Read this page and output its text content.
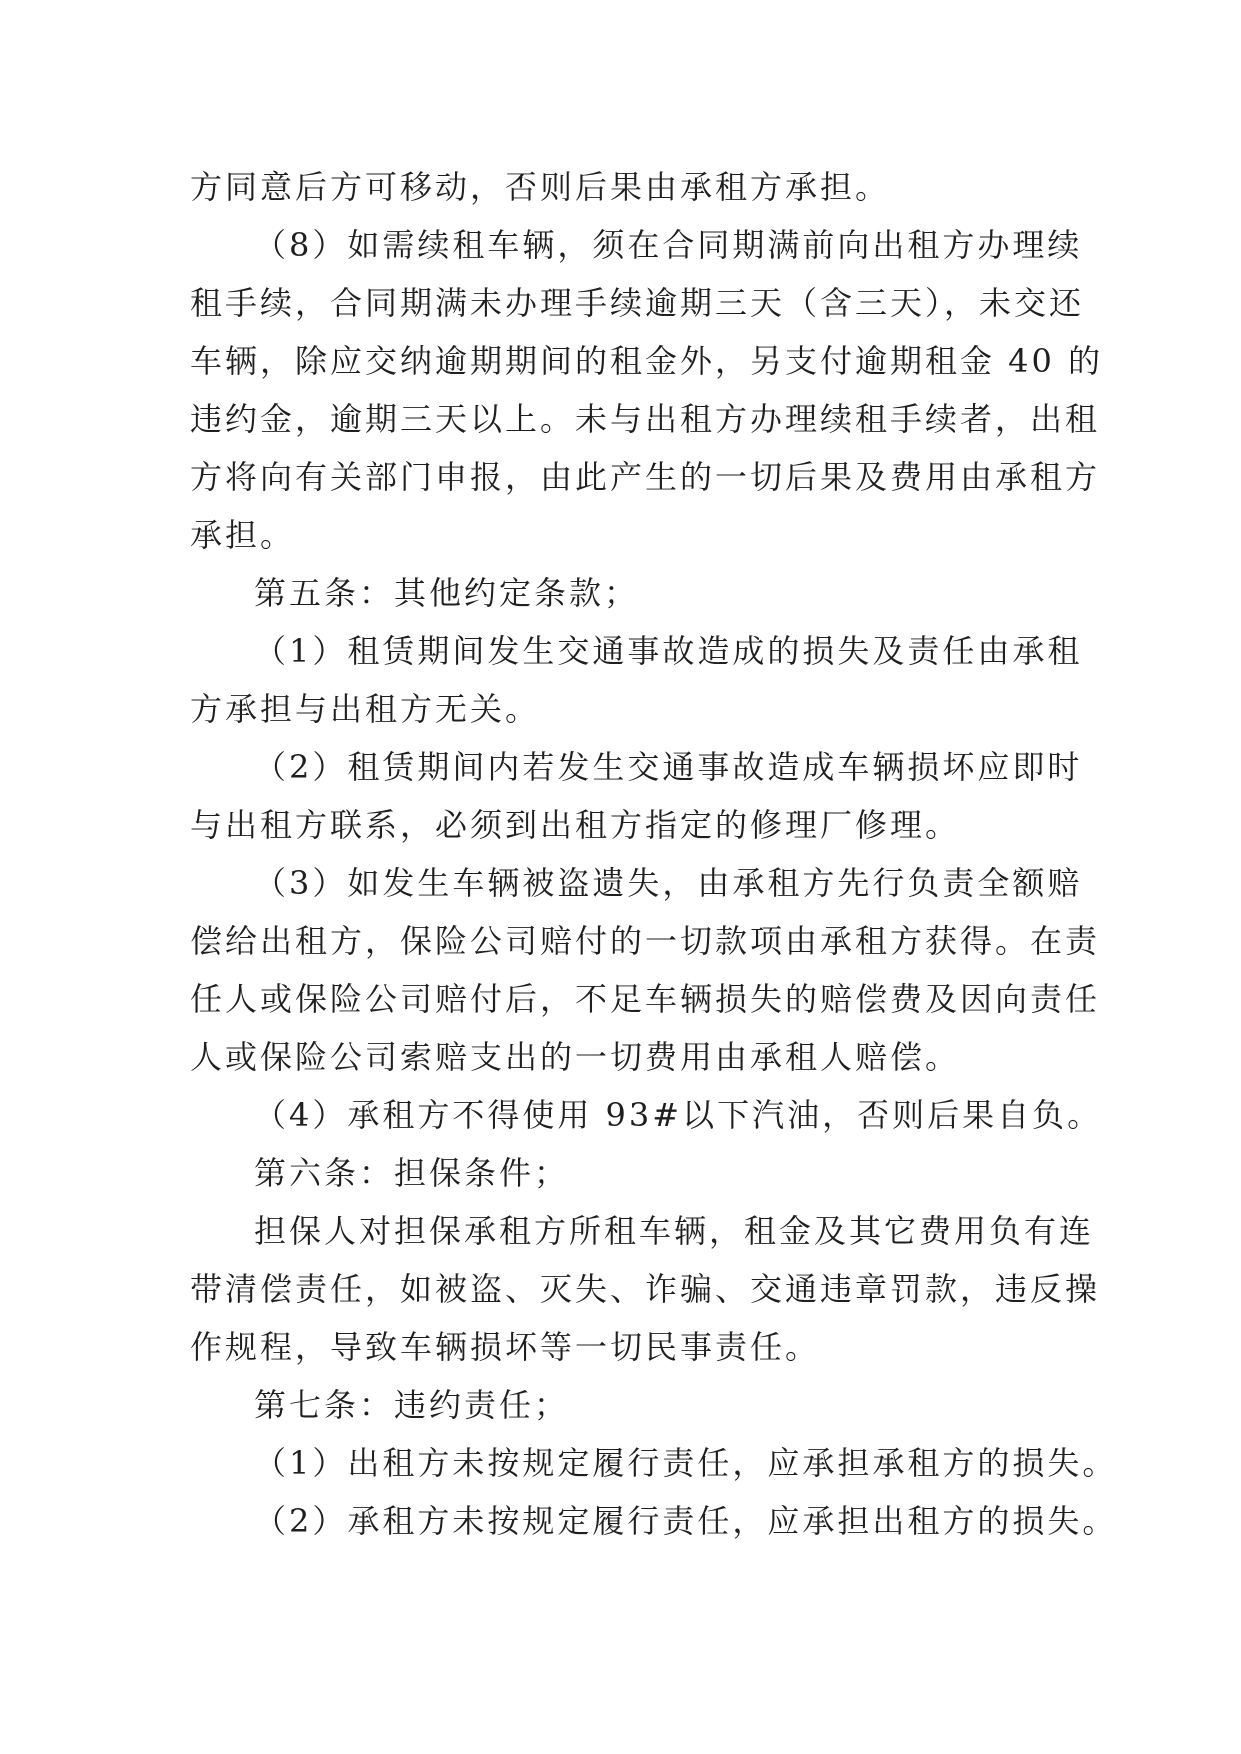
方同意后方可移动，否则后果由承租方承担。
（8）如需续租车辆，须在合同期满前向出租方办理续
租手续，合同期满未办理手续逾期三天（含三天），未交还
车辆，除应交纳逾期期间的租金外，另支付逾期租金 40 的
违约金，逾期三天以上。未与出租方办理续租手续者，出租
方将向有关部门申报，由此产生的一切后果及费用由承租方
承担。
第五条：其他约定条款；
（1）租赁期间发生交通事故造成的损失及责任由承租
方承担与出租方无关。
（2）租赁期间内若发生交通事故造成车辆损坏应即时
与出租方联系，必须到出租方指定的修理厂修理。
（3）如发生车辆被盗遗失，由承租方先行负责全额赔
偿给出租方，保险公司赔付的一切款项由承租方获得。在责
任人或保险公司赔付后，不足车辆损失的赔偿费及因向责任
人或保险公司索赔支出的一切费用由承租人赔偿。
（4）承租方不得使用 93#以下汽油，否则后果自负。
第六条：担保条件；
担保人对担保承租方所租车辆，租金及其它费用负有连
带清偿责任，如被盗、灭失、诈骗、交通违章罚款，违反操
作规程，导致车辆损坏等一切民事责任。
第七条：违约责任；
（1）出租方未按规定履行责任，应承担承租方的损失。
（2）承租方未按规定履行责任，应承担出租方的损失。
